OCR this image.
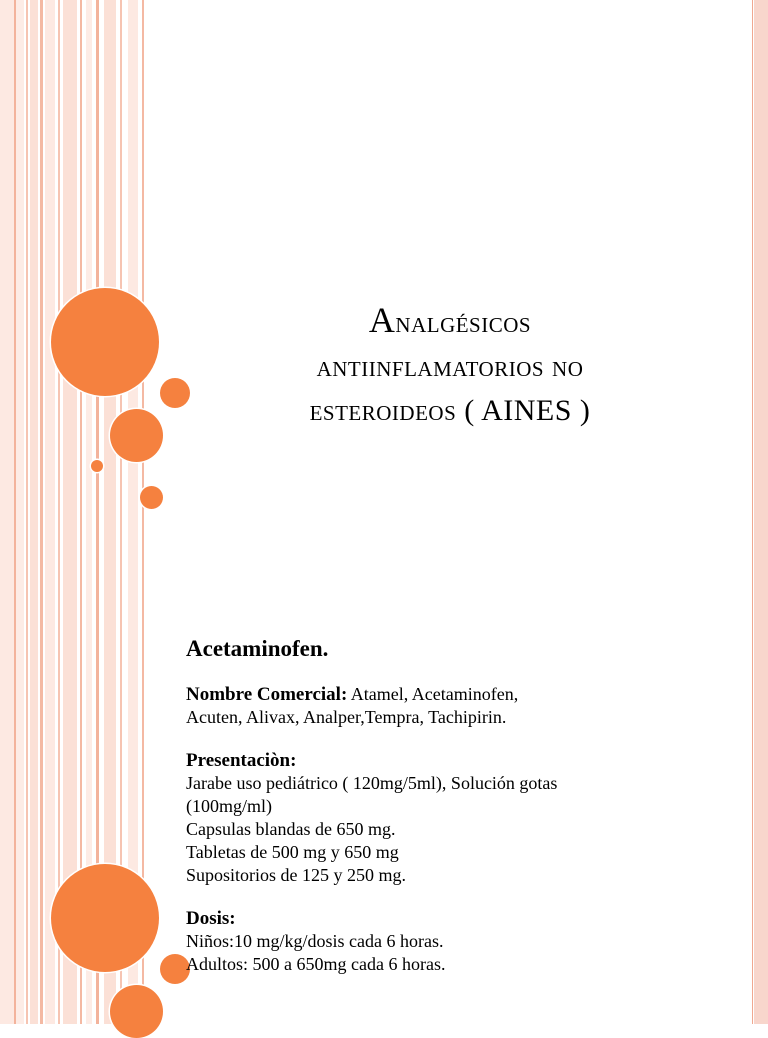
Analgésicos
antiinflamatorios no
esteroideos ( AINES )
Acetaminofen.
Nombre Comercial: Atamel, Acetaminofen,
Acuten, Alivax, Analper,Tempra, Tachipirin.
Presentaciòn:
Jarabe uso pediátrico ( 120mg/5ml), Solución gotas
(100mg/ml)
Capsulas blandas de 650 mg.
Tabletas de 500 mg y 650 mg
Supositorios de 125 y 250 mg.
Dosis:
Niños:10 mg/kg/dosis cada 6 horas.
Adultos: 500 a 650mg cada 6 horas.
